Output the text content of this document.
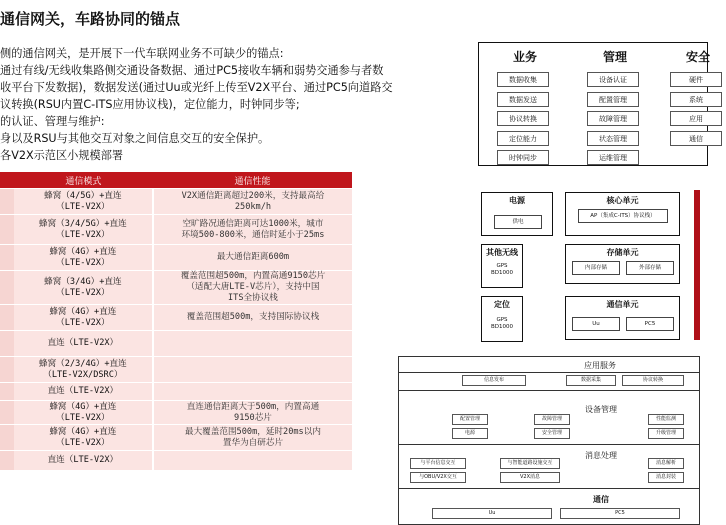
通信网关，车路协同的锚点
侧的通信网关，是开展下一代车联网业务不可缺少的锚点:
通过有线/无线收集路侧交通设备数据、通过PC5接收车辆和弱势交通参与者数
收平台下发数据)，数据发送(通过Uu或光纤上传至V2X平台、通过PC5向道路交
议转换(RSU内置C-ITS应用协议栈)，定位能力，时钟同步等;
的认证、管理与维护:
身以及RSU与其他交互对象之间信息交互的安全保护。
各V2X示范区小规模部署
	通信模式	通信性能
	蜂窝（4/5G）+直连
（LTE-V2X）	V2X通信距离超过200米，支持最高给
250km/h
	蜂窝（3/4/5G）+直连
（LTE-V2X）	空旷路况通信距离可达1000米，城市
环境500-800米，通信时延小于25ms
	蜂窝（4G）+直连
（LTE-V2X）	最大通信距离600m
	蜂窝（3/4G）+直连
（LTE-V2X）	覆盖范围超500m，内置高通9150芯片
（适配大唐LTE-V芯片），支持中国
ITS全协议栈
	蜂窝（4G）+直连
（LTE-V2X）	覆盖范围超500m，支持国际协议栈
	直连（LTE-V2X）	
	蜂窝（2/3/4G）+直连
（LTE-V2X/DSRC）	
	直连（LTE-V2X）	
	蜂窝（4G）+直连
（LTE-V2X）	直连通信距离大于500m，内置高通
9150芯片
	蜂窝（4G）+直连
（LTE-V2X）	最大覆盖范围500m，延时20ms以内
置华为自研芯片
	直连（LTE-V2X）	
业务
数据收集
数据发送
协议转换
定位能力
时钟同步
管理
设备认证
配置管理
故障管理
状态管理
运维管理
安全
硬件
系统
应用
通信
电源
供电
核心单元
AP（集成C-ITS）协议栈）
其他无线
GPS
BD1000
存储单元
内部存储	外部存储
定位
GPS
BD1000
通信单元
Uu	PC5
应用服务
信息发布	数据采集	协议转换
设备管理
配置管理
电源
故障管理
安全管理
性能监测
升级管理
消息处理
与平台信息交互
与OBU/V2X交互
与智能道路设施交互
V2X消息
消息解析
消息封装
通信
Uu	PC5
